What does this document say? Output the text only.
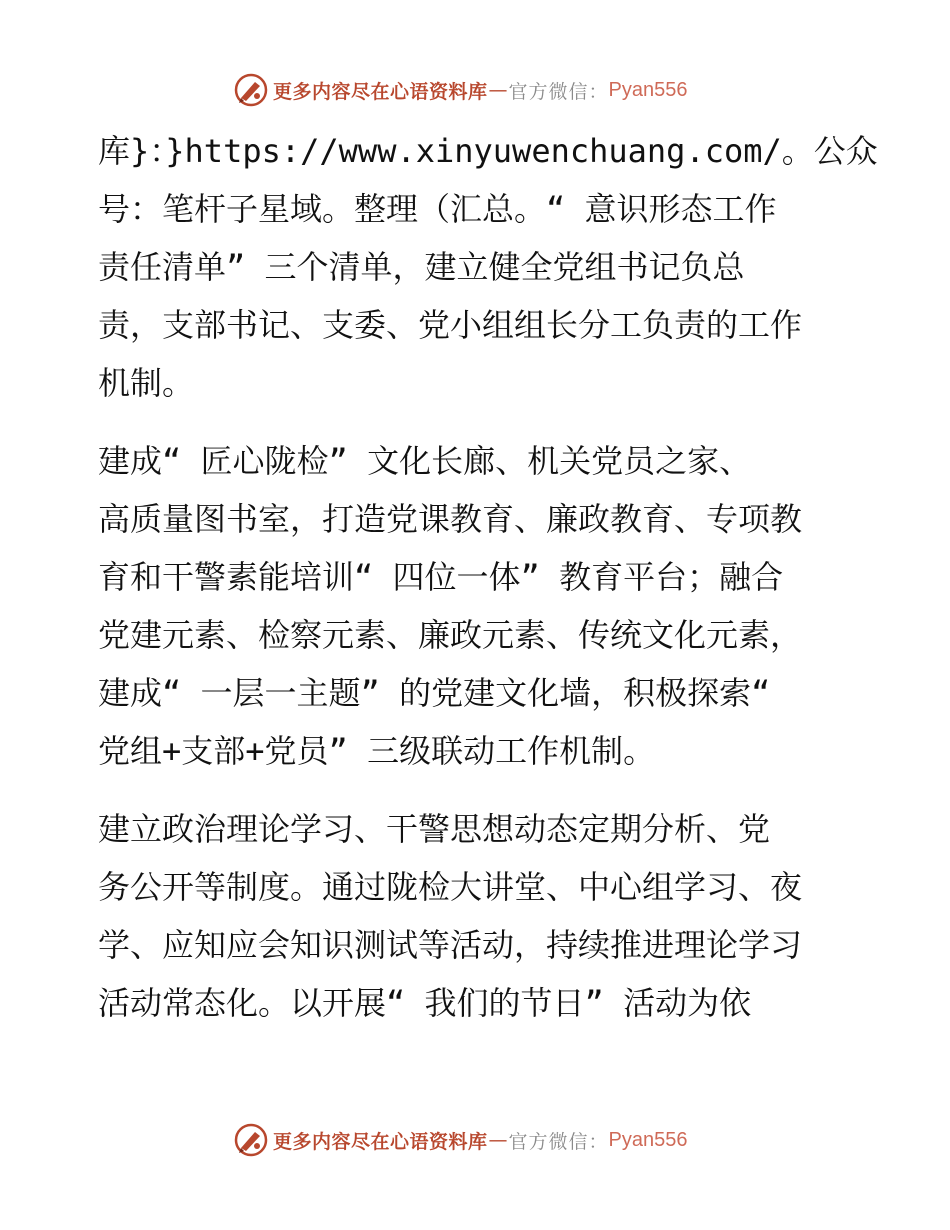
更多内容尽在心语资料库 — 官方微信： Pyan556

库}：}https://www.xinyuwenchuang.com/。公众
号：笔杆子星域。整理（汇总。“ 意识形态工作
责任清单” 三个清单，建立健全党组书记负总
责，支部书记、支委、党小组组长分工负责的工作
机制。

建成“ 匠心陇检” 文化长廊、机关党员之家、
高质量图书室，打造党课教育、廉政教育、专项教
育和干警素能培训“ 四位一体” 教育平台；融合
党建元素、检察元素、廉政元素、传统文化元素，
建成“ 一层一主题” 的党建文化墙，积极探索“
党组+支部+党员” 三级联动工作机制。

建立政治理论学习、干警思想动态定期分析、党
务公开等制度。通过陇检大讲堂、中心组学习、夜
学、应知应会知识测试等活动，持续推进理论学习
活动常态化。以开展“ 我们的节日” 活动为依

更多内容尽在心语资料库 — 官方微信： Pyan556
